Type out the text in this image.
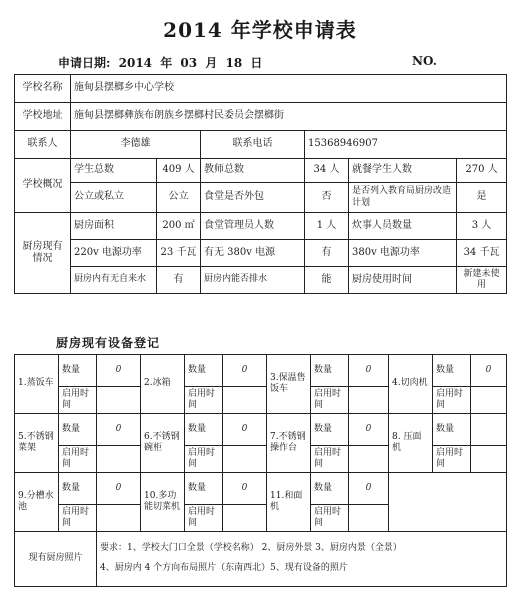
2014 年学校申请表
申请日期: 2014 年 03 月 18 日	NO.
学校名称	施甸县摆榔乡中心学校					
学校地址	施甸县摆榔彝族布朗族乡摆榔村民委员会摆榔街					
联系人	李德雄		联系电话	15368946907		
学校概况	学生总数	409 人	教师总数	34 人	就餐学生人数	270 人
	公立或私立	公立	食堂是否外包	否	是否列入教育局厨房改造计划	是
厨房现有情况	厨房面积	200 ㎡	食堂管理员人数	1 人	炊事人员数量	3 人
	220v 电源功率	23 千瓦	有无 380v 电源	有	380v 电源功率	34 千瓦
	厨房内有无自来水	有	厨房内能否排水	能	厨房使用时间	新建未使用
厨房现有设备登记
1.蒸饭车	数量	0	2.冰箱	数量	0	3.保温售饭车	数量	0	4.切肉机	数量	0
	启用时间			启用时间			启用时间			启用时间	
5.不锈钢菜架	数量	0	6.不锈钢碗柜	数量	0	7.不锈钢操作台	数量	0	8. 压面机	数量	
	启用时间			启用时间			启用时间			启用时间	
9.分槽水池	数量	0	10.多功能切菜机	数量	0	11.和面机	数量	0			
	启用时间			启用时间			启用时间				
现有厨房照片		要求：1、学校大门口全景（学校名称） 2、厨房外景 3、厨房内景（全景）
4、厨房内 4 个方向布局照片（东南西北）5、现有设备的照片									
